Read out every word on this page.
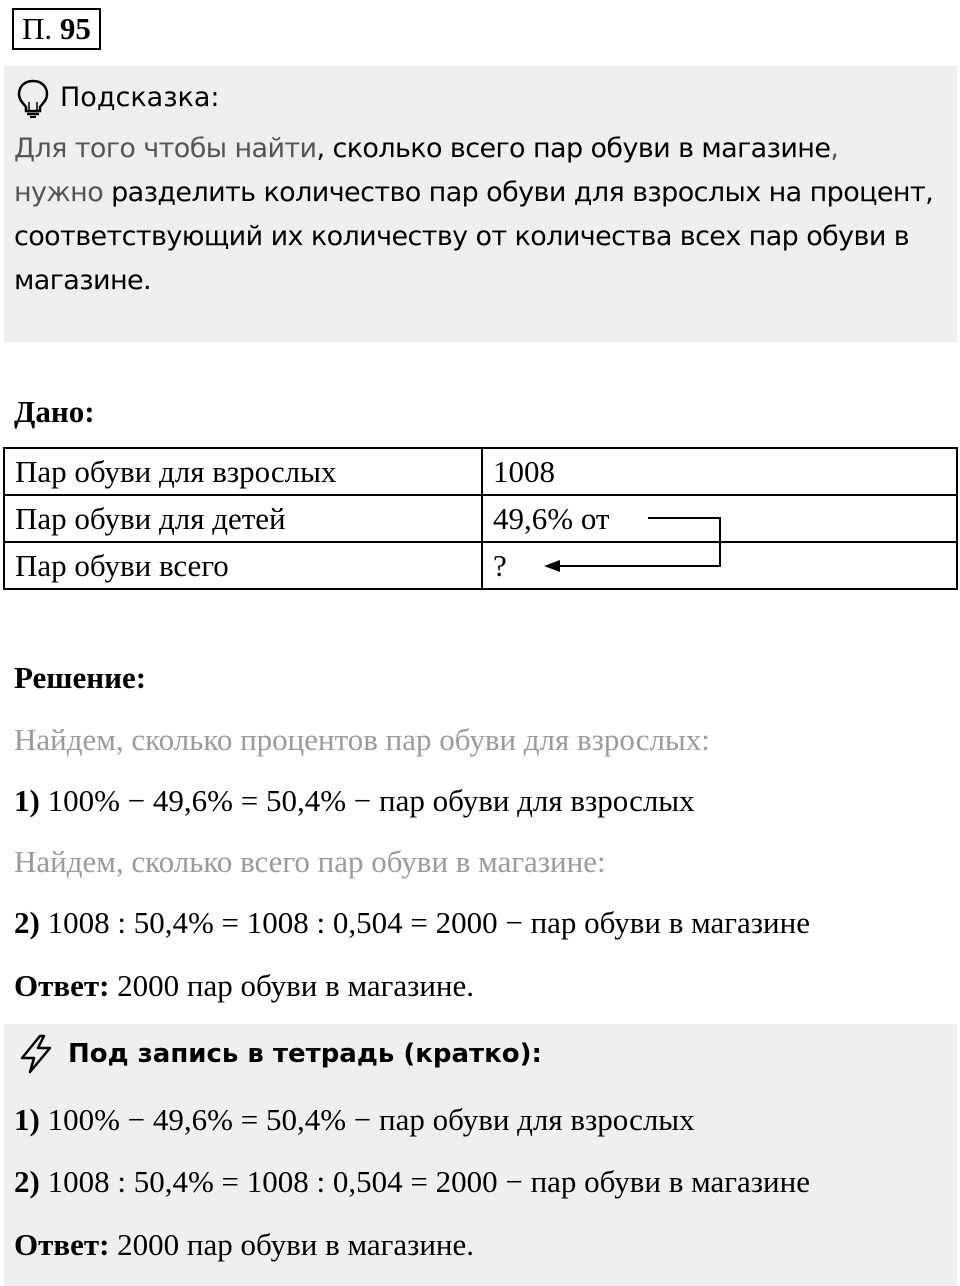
П. 95
Подсказка:
Для того чтобы найти, сколько всего пар обуви в магазине,
нужно разделить количество пар обуви для взрослых на процент, соответствующий их количеству от количества всех пар обуви в магазине.
Дано:
Пар обуви для взрослых	1008
Пар обуви для детей	49,6% от
Пар обуви всего	?
Решение:
Найдем, сколько процентов пар обуви для взрослых:
1) 100% − 49,6% = 50,4% − пар обуви для взрослых
Найдем, сколько всего пар обуви в магазине:
2) 1008 : 50,4% = 1008 : 0,504 = 2000 − пар обуви в магазине
Ответ: 2000 пар обуви в магазине.
Под запись в тетрадь (кратко):
1) 100% − 49,6% = 50,4% − пар обуви для взрослых
2) 1008 : 50,4% = 1008 : 0,504 = 2000 − пар обуви в магазине
Ответ: 2000 пар обуви в магазине.
